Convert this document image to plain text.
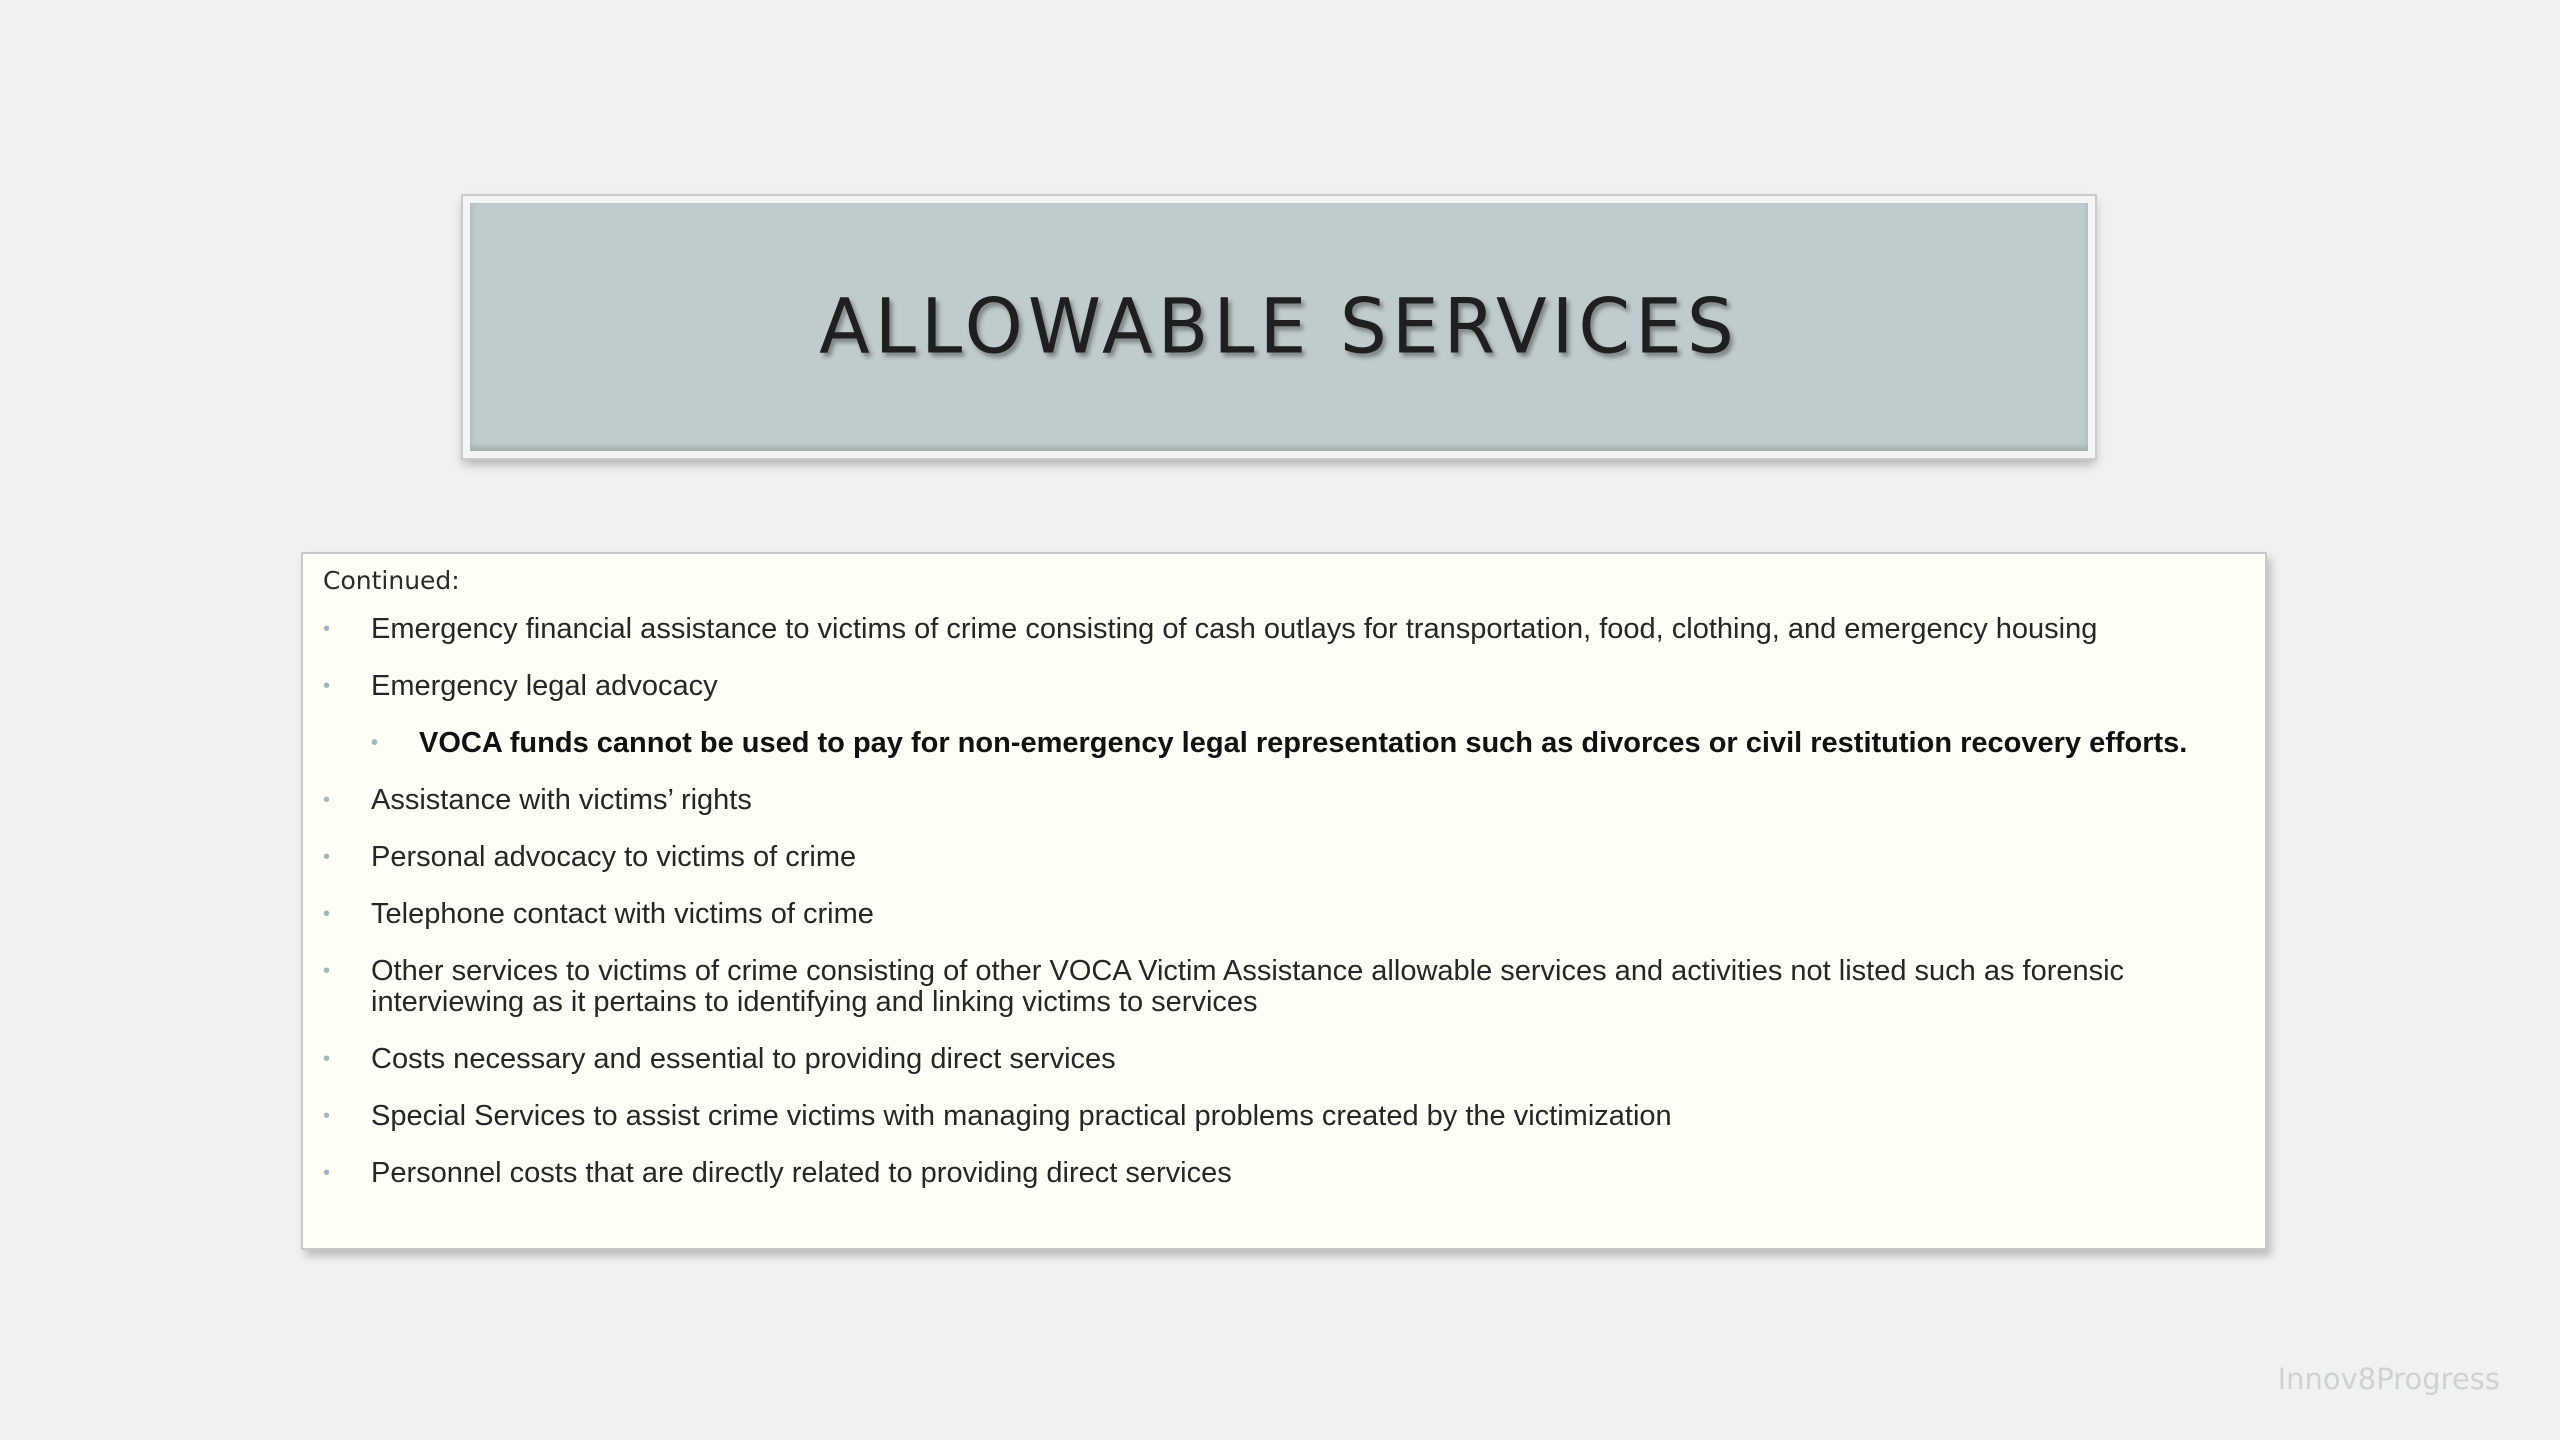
ALLOWABLE SERVICES
Continued:
•	Emergency financial assistance to victims of crime consisting of cash outlays for transportation, food, clothing, and emergency housing
•	Emergency legal advocacy
•	VOCA funds cannot be used to pay for non-emergency legal representation such as divorces or civil restitution recovery efforts.
•	Assistance with victims’ rights
•	Personal advocacy to victims of crime
•	Telephone contact with victims of crime
•	Other services to victims of crime consisting of other VOCA Victim Assistance allowable services and activities not listed such as forensic interviewing as it pertains to identifying and linking victims to services
•	Costs necessary and essential to providing direct services
•	Special Services to assist crime victims with managing practical problems created by the victimization
•	Personnel costs that are directly related to providing direct services
Innov8Progress
